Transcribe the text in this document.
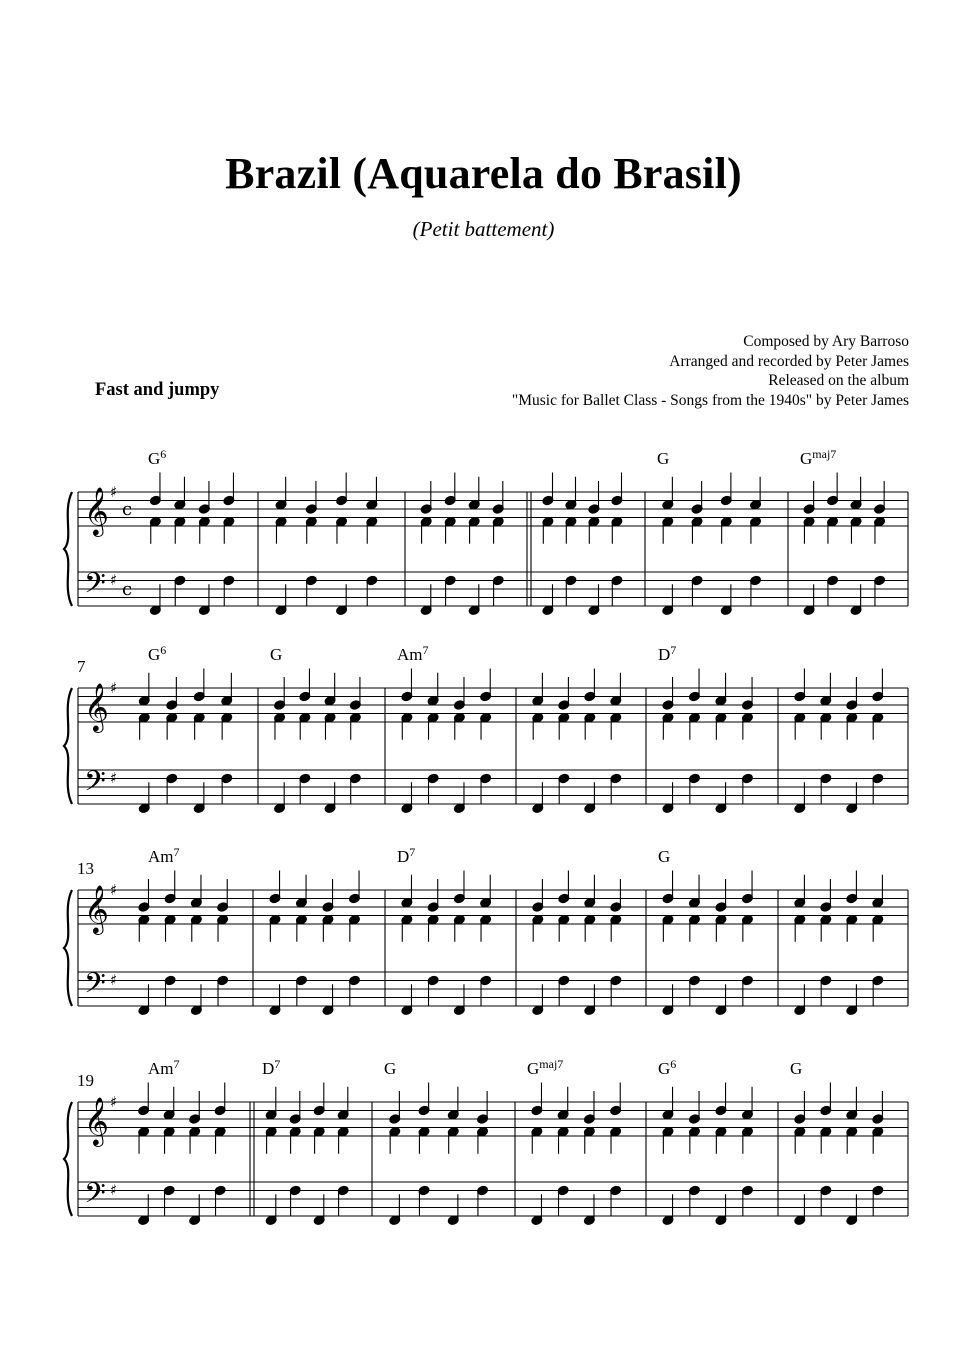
Brazil (Aquarela do Brasil)
(Petit battement)
Composed by Ary Barroso
Arranged and recorded by Peter James
Released on the album
"Music for Ballet Class - Songs from the 1940s" by Peter James
Fast and jumpy
𝄞
𝄢
♯
♯
c
c
$G^6$	G	$G^{maj7}$
𝄞
𝄢
♯
♯
7
$G^6$	G	Am$^7$	$D^7$
𝄞
𝄢
♯
♯
13
Am$^7$	$D^7$	G
𝄞
𝄢
♯
♯
19
Am$^7$	$D^7$	G	$G^{maj7}$	$G^6$	G
